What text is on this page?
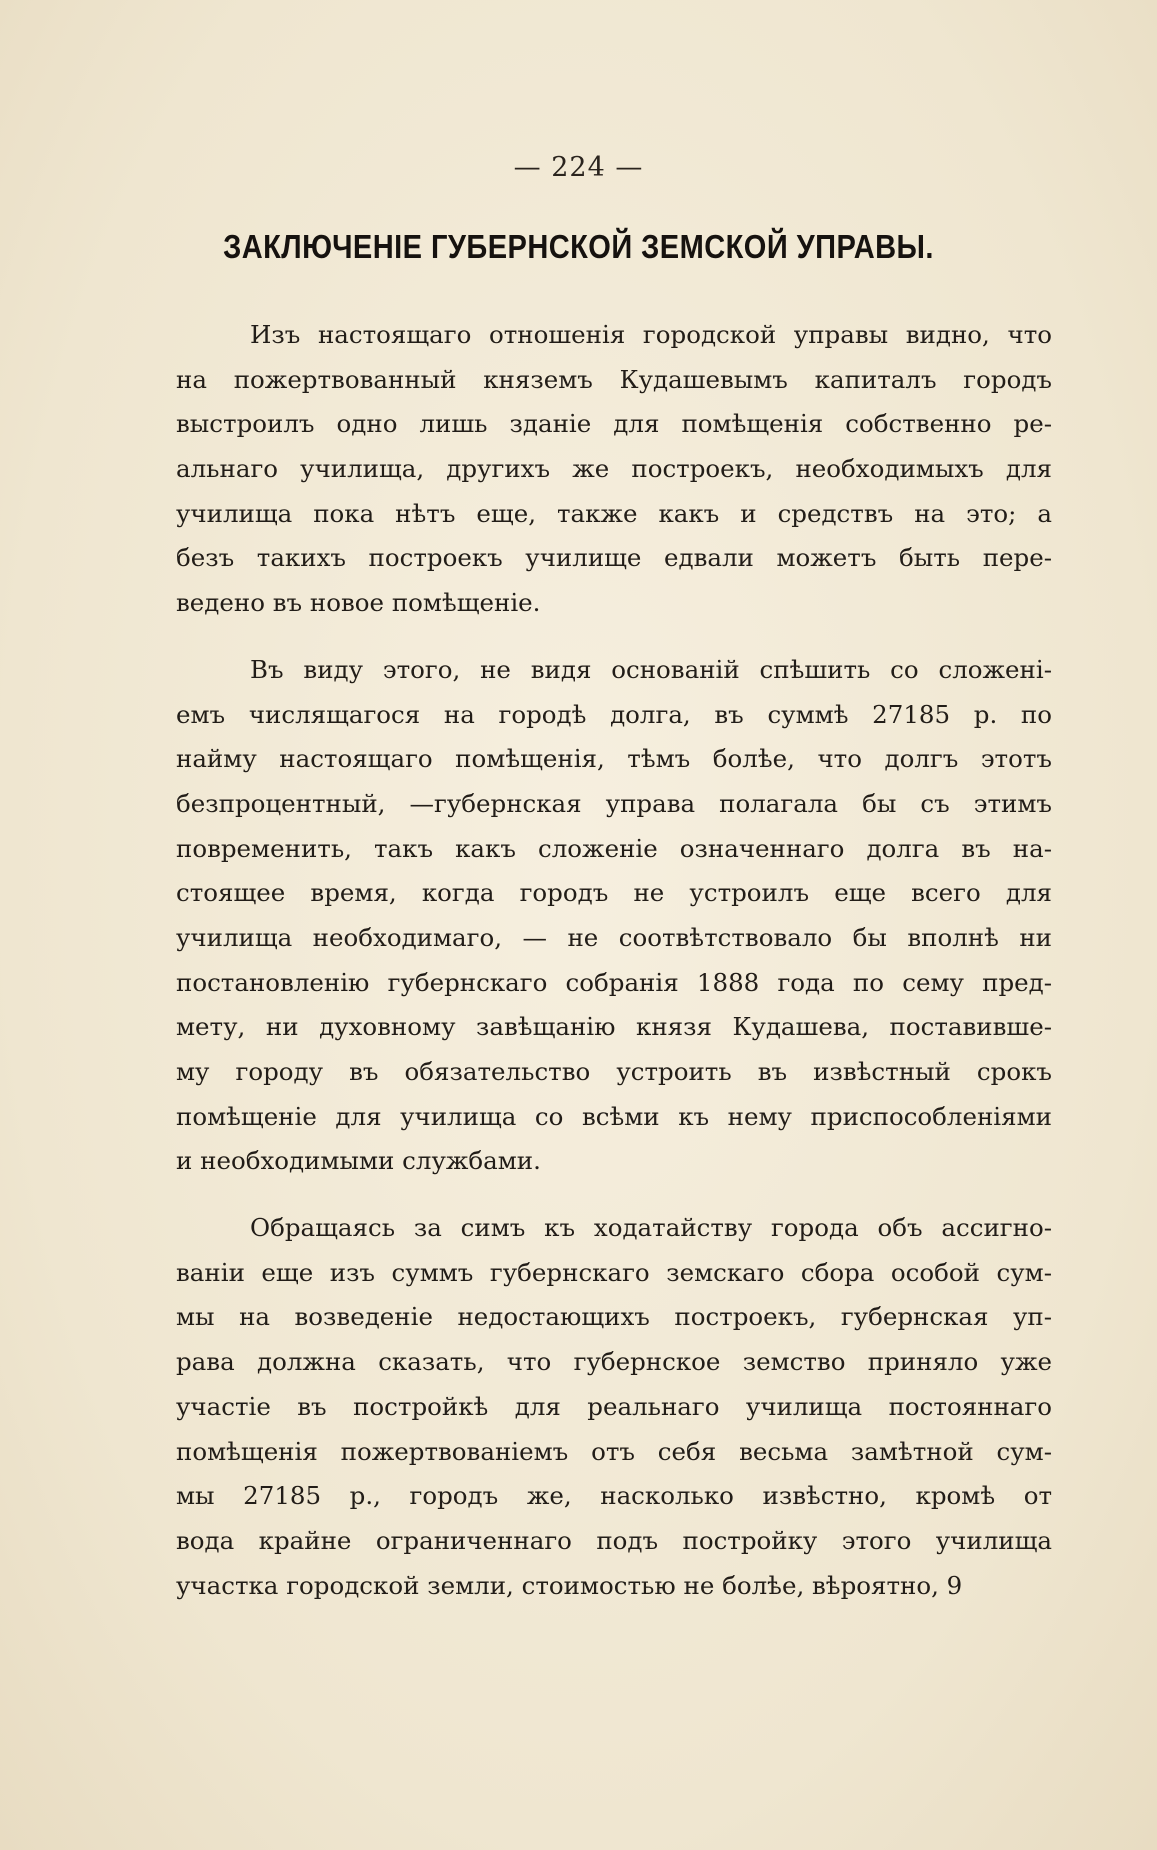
— 224 —
ЗАКЛЮЧЕНІЕ ГУБЕРНСКОЙ ЗЕМСКОЙ УПРАВЫ.
Изъ настоящаго отношенія городской управы видно, что
на пожертвованный княземъ Кудашевымъ капиталъ городъ
выстроилъ одно лишь зданіе для помѣщенія собственно ре-
альнаго училища, другихъ же построекъ, необходимыхъ для
училища пока нѣтъ еще, также какъ и средствъ на это; а
безъ такихъ построекъ училище едвали можетъ быть пере-
ведено въ новое помѣщеніе.
Въ виду этого, не видя основаній спѣшить со сложені-
емъ числящагося на городѣ долга, въ суммѣ 27185 р. по
найму настоящаго помѣщенія, тѣмъ болѣе, что долгъ этотъ
безпроцентный, —губернская управа полагала бы съ этимъ
повременить, такъ какъ сложеніе означеннаго долга въ на-
стоящее время, когда городъ не устроилъ еще всего для
училища необходимаго, — не соотвѣтствовало бы вполнѣ ни
постановленію губернскаго собранія 1888 года по сему пред-
мету, ни духовному завѣщанію князя Кудашева, поставивше-
му городу въ обязательство устроить въ извѣстный срокъ
помѣщеніе для училища со всѣми къ нему приспособленіями
и необходимыми службами.
Обращаясь за симъ къ ходатайству города объ ассигно-
ваніи еще изъ суммъ губернскаго земскаго сбора особой сум-
мы на возведеніе недостающихъ построекъ, губернская уп-
рава должна сказать, что губернское земство приняло уже
участіе въ постройкѣ для реальнаго училища постояннаго
помѣщенія пожертвованіемъ отъ себя весьма замѣтной сум-
мы 27185 р., городъ же, насколько извѣстно, кромѣ от
вода крайне ограниченнаго подъ постройку этого училища
участка городской земли, стоимостью не болѣе, вѣроятно, 9
